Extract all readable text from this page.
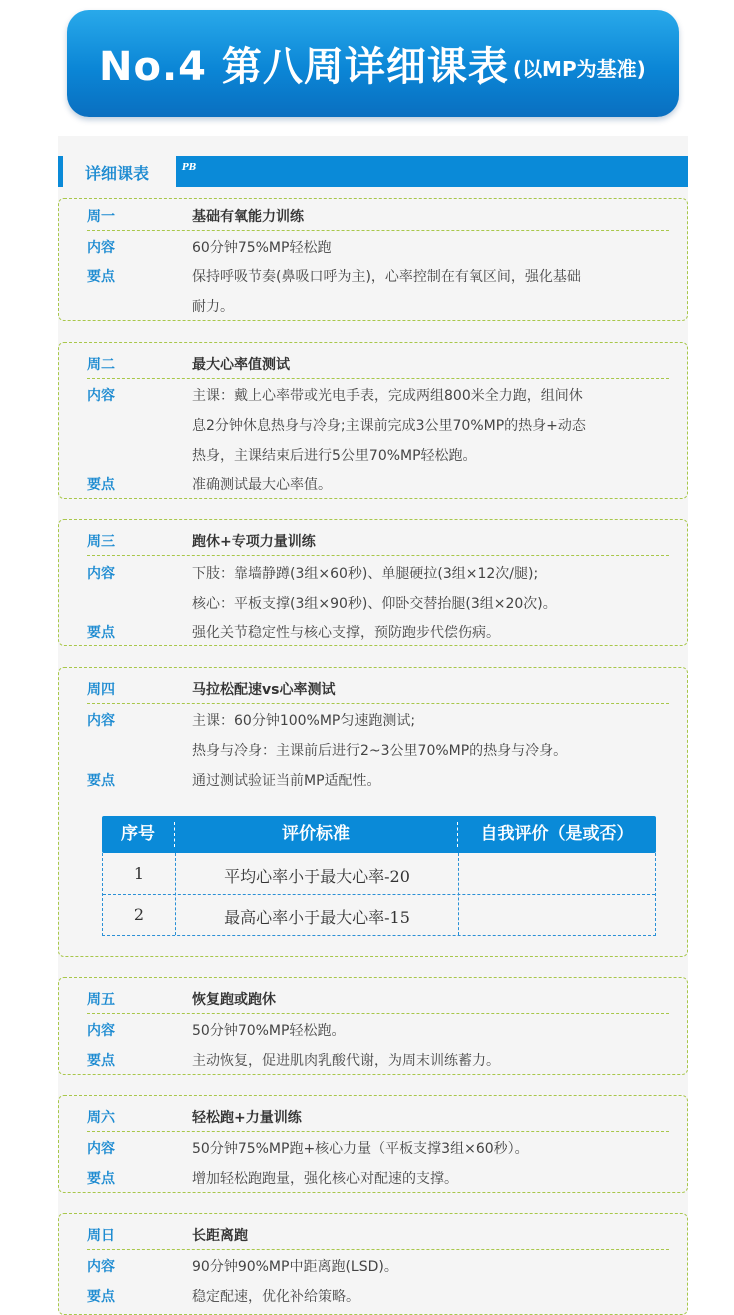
No.4 第八周详细课表 (以MP为基准)
详细课表	PB
周一	基础有氧能力训练
内容	60分钟75%MP轻松跑
要点	保持呼吸节奏(鼻吸口呼为主)，心率控制在有氧区间，强化基础
耐力。
周二	最大心率值测试
内容	主课：戴上心率带或光电手表，完成两组800米全力跑，组间休
息2分钟休息热身与冷身;主课前完成3公里70%MP的热身+动态
热身，主课结束后进行5公里70%MP轻松跑。
要点	准确测试最大心率值。
周三	跑休+专项力量训练
内容	下肢：靠墙静蹲(3组×60秒)、单腿硬拉(3组×12次/腿);
核心：平板支撑(3组×90秒)、仰卧交替抬腿(3组×20次)。
要点	强化关节稳定性与核心支撑，预防跑步代偿伤病。
周四	马拉松配速vs心率测试
内容	主课：60分钟100%MP匀速跑测试;
热身与冷身：主课前后进行2~3公里70%MP的热身与冷身。
要点	通过测试验证当前MP适配性。
序号	评价标准	自我评价（是或否）
1	平均心率小于最大心率-20
2	最高心率小于最大心率-15
周五	恢复跑或跑休
内容	50分钟70%MP轻松跑。
要点	主动恢复，促进肌肉乳酸代谢，为周末训练蓄力。
周六	轻松跑+力量训练
内容	50分钟75%MP跑+核心力量（平板支撑3组×60秒）。
要点	增加轻松跑跑量，强化核心对配速的支撑。
周日	长距离跑
内容	90分钟90%MP中距离跑(LSD)。
要点	稳定配速，优化补给策略。
